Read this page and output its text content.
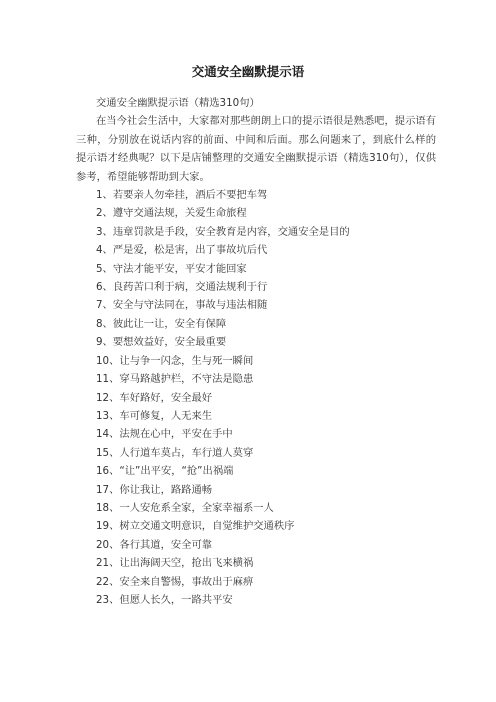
交通安全幽默提示语
交通安全幽默提示语（精选310句）

在当今社会生活中，大家都对那些朗朗上口的提示语很是熟悉吧，提示语有三种，分别放在说话内容的前面、中间和后面。那么问题来了，到底什么样的提示语才经典呢？以下是店铺整理的交通安全幽默提示语（精选310句），仅供参考，希望能够帮助到大家。

1、若要亲人勿牵挂，酒后不要把车驾
2、遵守交通法规，关爱生命旅程
3、违章罚款是手段，安全教育是内容，交通安全是目的
4、严是爱，松是害，出了事故坑后代
5、守法才能平安，平安才能回家
6、良药苦口利于病，交通法规利于行
7、安全与守法同在，事故与违法相随
8、彼此让一让，安全有保障
9、要想效益好，安全最重要
10、让与争一闪念，生与死一瞬间
11、穿马路越护栏，不守法是隐患
12、车好路好，安全最好
13、车可修复，人无来生
14、法规在心中，平安在手中
15、人行道车莫占，车行道人莫穿
16、“让”出平安，“抢”出祸端
17、你让我让，路路通畅
18、一人安危系全家，全家幸福系一人
19、树立交通文明意识，自觉维护交通秩序
20、各行其道，安全可靠
21、让出海阔天空，抢出飞来横祸
22、安全来自警惕，事故出于麻痹
23、但愿人长久，一路共平安
